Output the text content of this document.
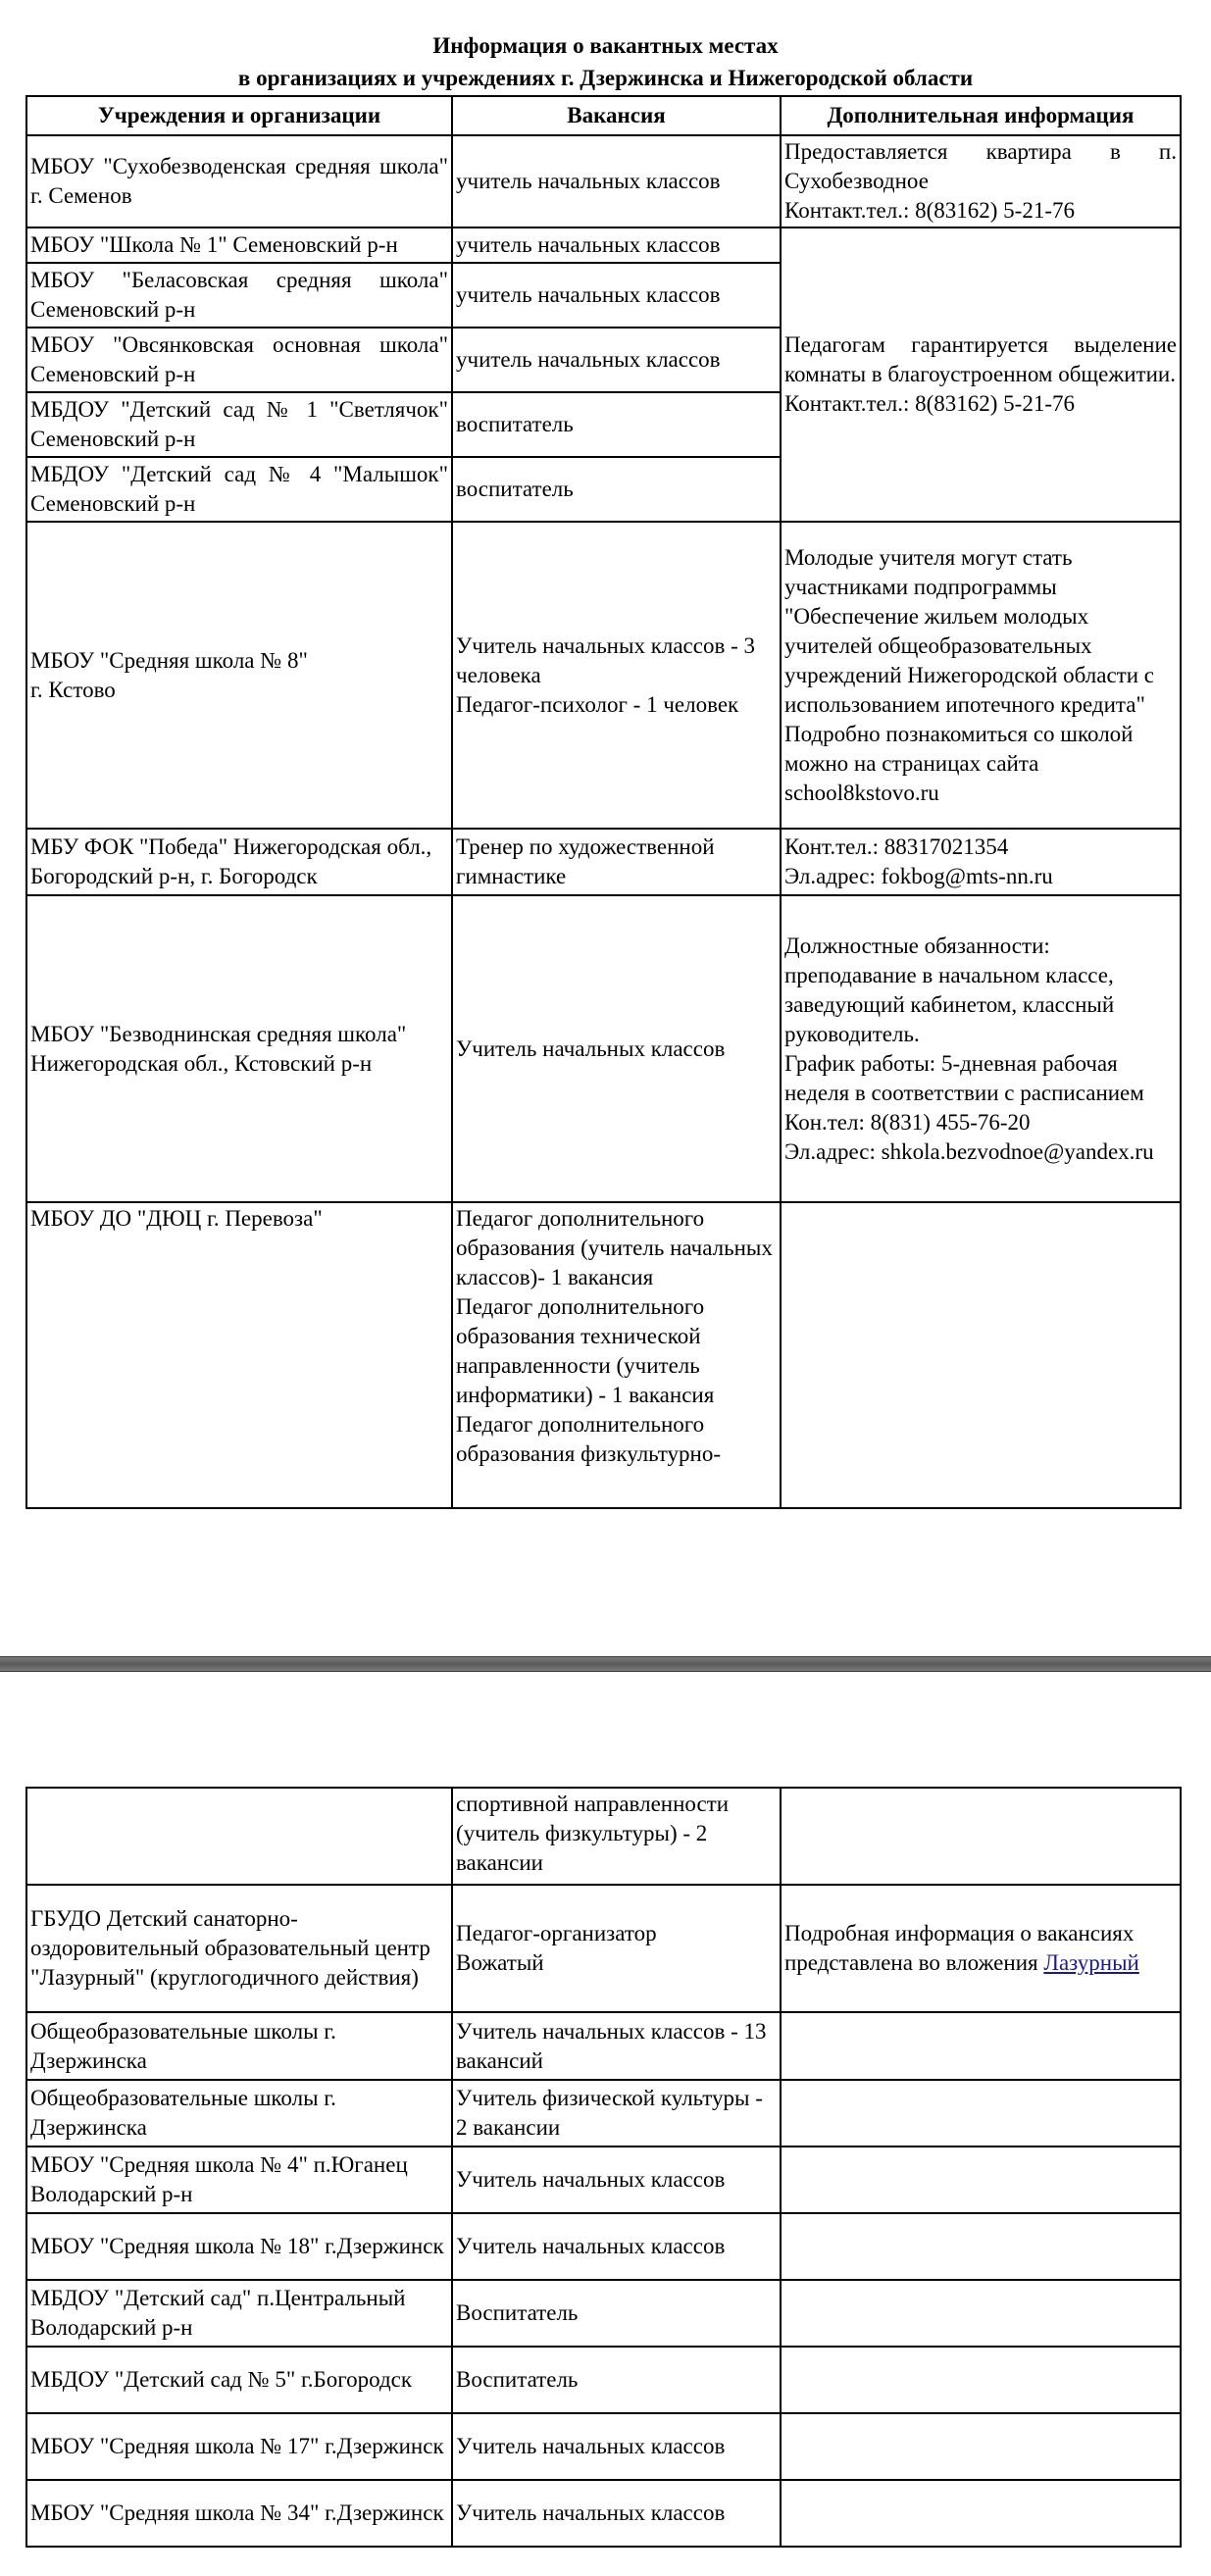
Информация о вакантных местах
в организациях и учреждениях г. Дзержинска и Нижегородской области
Учреждения и организации	Вакансия	Дополнительная информация

МБОУ "Сухобезводенская средняя школа" г. Семенов	учитель начальных классов	Предоставляется квартира в п. Сухобезводное
Контакт.тел.: 8(83162) 5-21-76

МБОУ "Школа № 1" Семеновский р-н	учитель начальных классов	Педагогам гарантируется выделение комнаты в благоустроенном общежитии.
Контакт.тел.: 8(83162) 5-21-76

МБОУ "Беласовская средняя школа" Семеновский р-н	учитель начальных классов	

МБОУ "Овсянковская основная школа" Семеновский р-н	учитель начальных классов	

МБДОУ "Детский сад № 1 "Светлячок" Семеновский р-н	воспитатель	

МБДОУ "Детский сад № 4 "Малышок" Семеновский р-н	воспитатель	

МБОУ "Средняя школа № 8"
г. Кстово	Учитель начальных классов - 3 человека
Педагог-психолог - 1 человек	Молодые учителя могут стать участниками подпрограммы "Обеспечение жильем молодых учителей общеобразовательных учреждений Нижегородской области с использованием ипотечного кредита"
Подробно познакомиться со школой можно на страницах сайта school8kstovo.ru

МБУ ФОК "Победа" Нижегородская обл., Богородский р-н, г. Богородск	Тренер по художественной гимнастике	Конт.тел.: 88317021354
Эл.адрес: fokbog@mts-nn.ru

МБОУ "Безводнинская средняя школа" Нижегородская обл., Кстовский р-н	Учитель начальных классов	Должностные обязанности: преподавание в начальном классе, заведующий кабинетом, классный руководитель.
График работы: 5-дневная рабочая неделя в соответствии с расписанием
Кон.тел: 8(831) 455-76-20
Эл.адрес: shkola.bezvodnoe@yandex.ru

МБОУ ДО "ДЮЦ г. Перевоза"	Педагог дополнительного образования (учитель начальных классов)- 1 вакансия
Педагог дополнительного образования технической направленности (учитель информатики) - 1 вакансия
Педагог дополнительного образования физкультурно-	

	спортивной направленности (учитель физкультуры) - 2 вакансии	

ГБУДО Детский санаторно-оздоровительный образовательный центр "Лазурный" (круглогодичного действия)	Педагог-организатор
Вожатый	Подробная информация о вакансиях представлена во вложения Лазурный

Общеобразовательные школы г. Дзержинска	Учитель начальных классов - 13 вакансий	

Общеобразовательные школы г. Дзержинска	Учитель физической культуры - 2 вакансии	

МБОУ "Средняя школа № 4" п.Юганец Володарский р-н	Учитель начальных классов	

МБОУ "Средняя школа № 18" г.Дзержинск	Учитель начальных классов	

МБДОУ "Детский сад" п.Центральный Володарский р-н	Воспитатель	

МБДОУ "Детский сад № 5" г.Богородск	Воспитатель	

МБОУ "Средняя школа № 17" г.Дзержинск	Учитель начальных классов	

МБОУ "Средняя школа № 34" г.Дзержинск	Учитель начальных классов	
